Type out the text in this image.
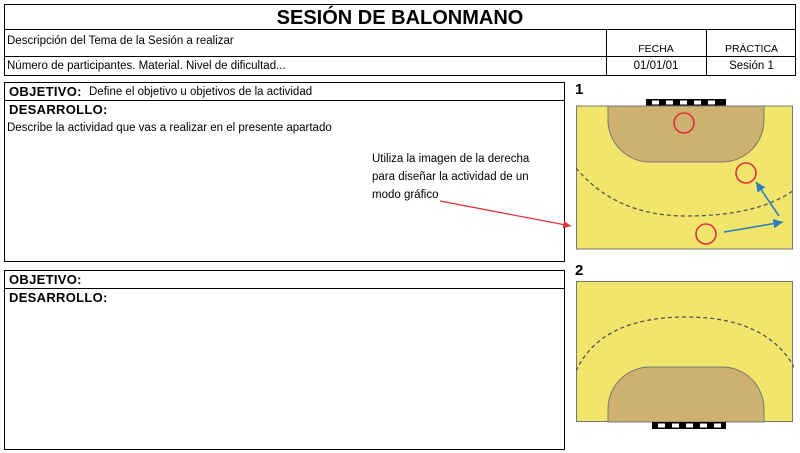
SESIÓN DE BALONMANO
Descripción del Tema de la Sesión a realizar
Número de participantes. Material. Nivel de dificultad...
FECHA
01/01/01
PRÁCTICA
Sesión 1
OBJETIVO: Define el objetivo u objetivos de la actividad
DESARROLLO:
Describe la actividad que vas a realizar en el presente apartado
Utiliza la imagen de la derecha
para diseñar la actividad de un
modo gráfico
OBJETIVO:
DESARROLLO:
1
2
